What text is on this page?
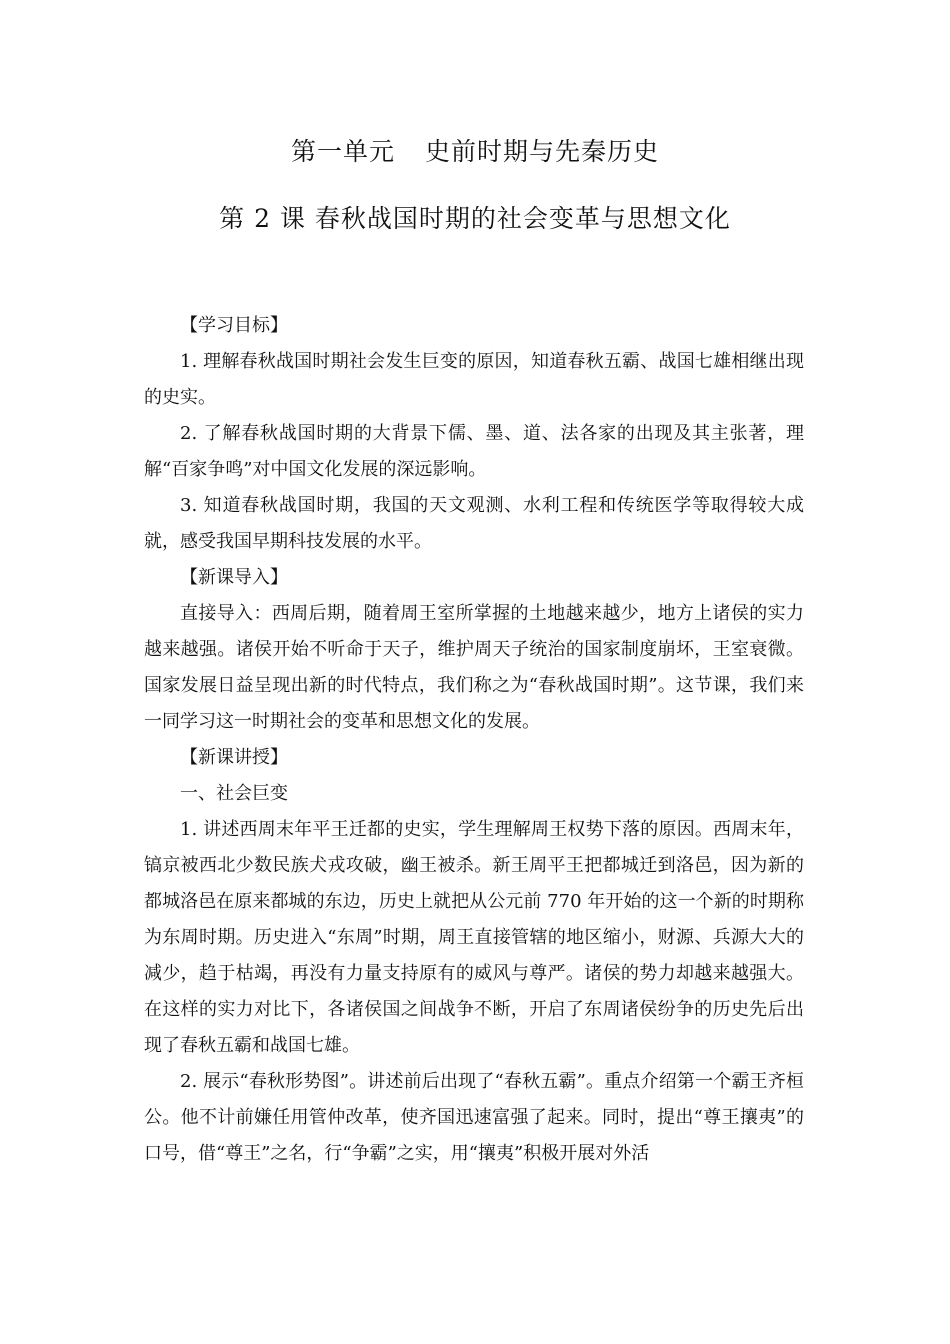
第一单元 史前时期与先秦历史
第 2 课 春秋战国时期的社会变革与思想文化

【学习目标】

1. 理解春秋战国时期社会发生巨变的原因，知道春秋五霸、战国七雄相继出现的史实。

2. 了解春秋战国时期的大背景下儒、墨、道、法各家的出现及其主张著，理解“百家争鸣”对中国文化发展的深远影响。

3. 知道春秋战国时期，我国的天文观测、水利工程和传统医学等取得较大成就，感受我国早期科技发展的水平。

【新课导入】

直接导入：西周后期，随着周王室所掌握的土地越来越少，地方上诸侯的实力越来越强。诸侯开始不听命于天子，维护周天子统治的国家制度崩坏，王室衰微。国家发展日益呈现出新的时代特点，我们称之为“春秋战国时期”。这节课，我们来一同学习这一时期社会的变革和思想文化的发展。

【新课讲授】

一、社会巨变

1. 讲述西周末年平王迁都的史实，学生理解周王权势下落的原因。西周末年，镐京被西北少数民族犬戎攻破，幽王被杀。新王周平王把都城迁到洛邑，因为新的都城洛邑在原来都城的东边，历史上就把从公元前 770 年开始的这一个新的时期称为东周时期。历史进入“东周”时期，周王直接管辖的地区缩小，财源、兵源大大的减少，趋于枯竭，再没有力量支持原有的威风与尊严。诸侯的势力却越来越强大。在这样的实力对比下，各诸侯国之间战争不断，开启了东周诸侯纷争的历史先后出现了春秋五霸和战国七雄。

2. 展示“春秋形势图”。讲述前后出现了“春秋五霸”。重点介绍第一个霸王齐桓公。他不计前嫌任用管仲改革，使齐国迅速富强了起来。同时，提出“尊王攘夷”的口号，借“尊王”之名，行“争霸”之实，用“攘夷”积极开展对外活
